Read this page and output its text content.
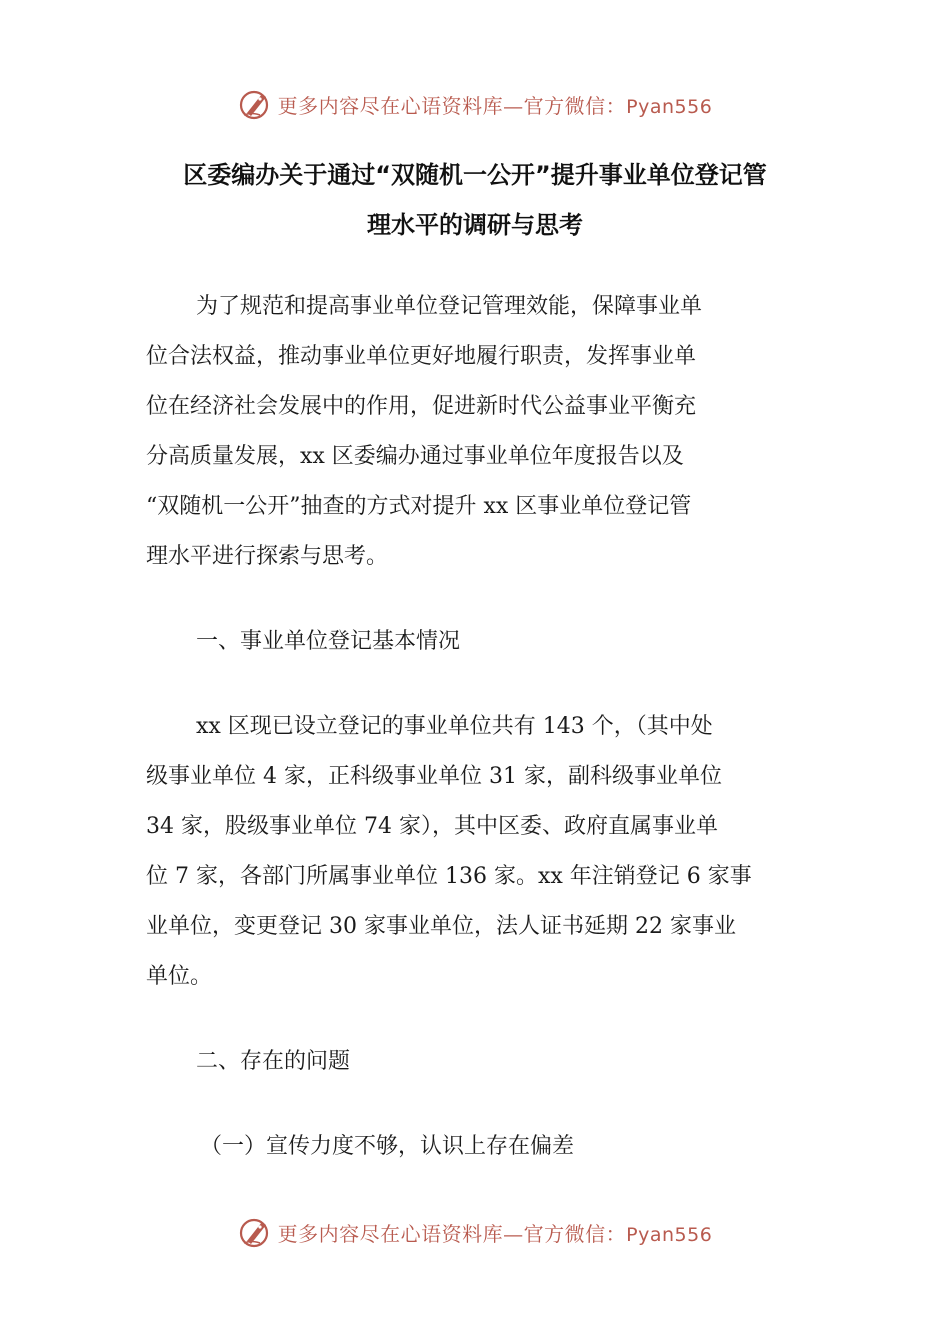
更多内容尽在心语资料库—官方微信：Pyan556
区委编办关于通过“双随机一公开”提升事业单位登记管
理水平的调研与思考
为了规范和提高事业单位登记管理效能，保障事业单
位合法权益，推动事业单位更好地履行职责，发挥事业单
位在经济社会发展中的作用，促进新时代公益事业平衡充
分高质量发展，xx 区委编办通过事业单位年度报告以及
“双随机一公开”抽查的方式对提升 xx 区事业单位登记管
理水平进行探索与思考。
一、事业单位登记基本情况
xx 区现已设立登记的事业单位共有 143 个，（其中处
级事业单位 4 家，正科级事业单位 31 家，副科级事业单位
34 家，股级事业单位 74 家），其中区委、政府直属事业单
位 7 家，各部门所属事业单位 136 家。xx 年注销登记 6 家事
业单位，变更登记 30 家事业单位，法人证书延期 22 家事业
单位。
二、存在的问题
（一）宣传力度不够，认识上存在偏差
更多内容尽在心语资料库—官方微信：Pyan556
